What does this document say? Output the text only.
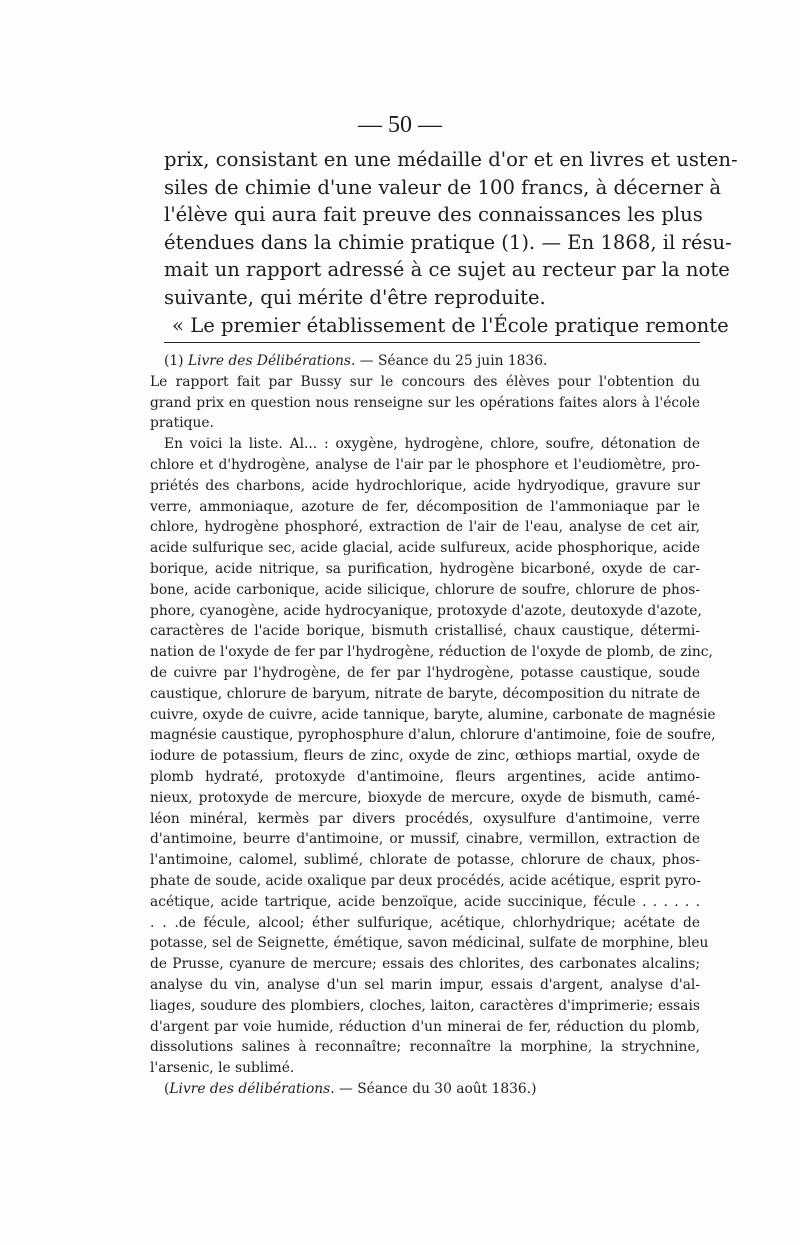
— 50 —
prix, consistant en une médaille d'or et en livres et usten-
siles de chimie d'une valeur de 100 francs, à décerner à
l'élève qui aura fait preuve des connaissances les plus
étendues dans la chimie pratique (1). — En 1868, il résu-
mait un rapport adressé à ce sujet au recteur par la note
suivante, qui mérite d'être reproduite.
« Le premier établissement de l'École pratique remonte
(1) Livre des Délibérations. — Séance du 25 juin 1836.
Le rapport fait par Bussy sur le concours des élèves pour l'obtention du
grand prix en question nous renseigne sur les opérations faites alors à l'école
pratique.
En voici la liste. Al... : oxygène, hydrogène, chlore, soufre, détonation de
chlore et d'hydrogène, analyse de l'air par le phosphore et l'eudiomètre, pro-
priétés des charbons, acide hydrochlorique, acide hydryodique, gravure sur
verre, ammoniaque, azoture de fer, décomposition de l'ammoniaque par le
chlore, hydrogène phosphoré, extraction de l'air de l'eau, analyse de cet air,
acide sulfurique sec, acide glacial, acide sulfureux, acide phosphorique, acide
borique, acide nitrique, sa purification, hydrogène bicarboné, oxyde de car-
bone, acide carbonique, acide silicique, chlorure de soufre, chlorure de phos-
phore, cyanogène, acide hydrocyanique, protoxyde d'azote, deutoxyde d'azote,
caractères de l'acide borique, bismuth cristallisé, chaux caustique, détermi-
nation de l'oxyde de fer par l'hydrogène, réduction de l'oxyde de plomb, de zinc,
de cuivre par l'hydrogène, de fer par l'hydrogène, potasse caustique, soude
caustique, chlorure de baryum, nitrate de baryte, décomposition du nitrate de
cuivre, oxyde de cuivre, acide tannique, baryte, alumine, carbonate de magnésie
magnésie caustique, pyrophosphure d'alun, chlorure d'antimoine, foie de soufre,
iodure de potassium, fleurs de zinc, oxyde de zinc, œthiops martial, oxyde de
plomb hydraté, protoxyde d'antimoine, fleurs argentines, acide antimo-
nieux, protoxyde de mercure, bioxyde de mercure, oxyde de bismuth, camé-
léon minéral, kermès par divers procédés, oxysulfure d'antimoine, verre
d'antimoine, beurre d'antimoine, or mussif, cinabre, vermillon, extraction de
l'antimoine, calomel, sublimé, chlorate de potasse, chlorure de chaux, phos-
phate de soude, acide oxalique par deux procédés, acide acétique, esprit pyro-
acétique, acide tartrique, acide benzoïque, acide succinique, fécule . . . . . .
. . .de fécule, alcool; éther sulfurique, acétique, chlorhydrique; acétate de
potasse, sel de Seignette, émétique, savon médicinal, sulfate de morphine, bleu
de Prusse, cyanure de mercure; essais des chlorites, des carbonates alcalins;
analyse du vin, analyse d'un sel marin impur, essais d'argent, analyse d'al-
liages, soudure des plombiers, cloches, laiton, caractères d'imprimerie; essais
d'argent par voie humide, réduction d'un minerai de fer, réduction du plomb,
dissolutions salines à reconnaître; reconnaître la morphine, la strychnine,
l'arsenic, le sublimé.
(Livre des délibérations. — Séance du 30 août 1836.)
